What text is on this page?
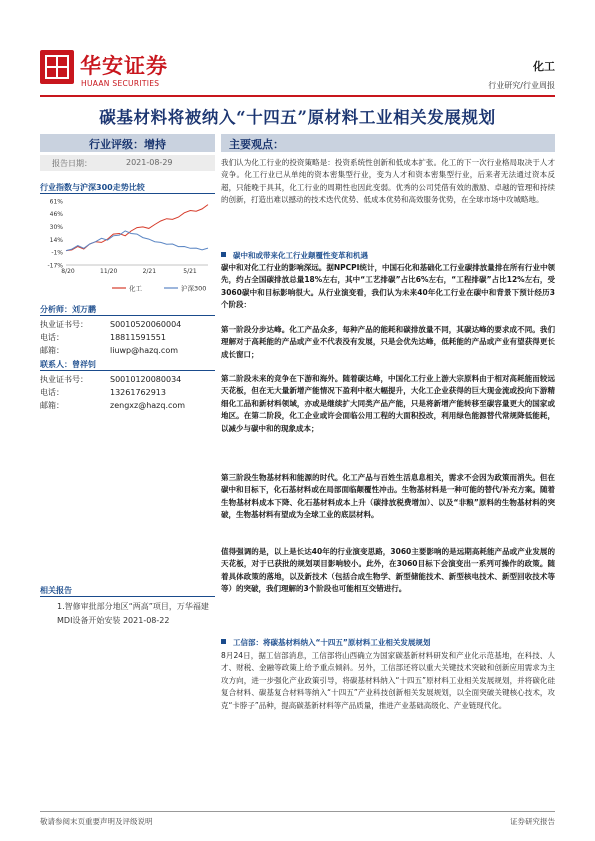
华安证券
HUAAN SECURITIES
化工
行业研究/行业周报
碳基材料将被纳入“十四五”原材料工业相关发展规划
行业评级：增持
报告日期：	2021-08-29
行业指数与沪深300走势比较
61%
46%
30%
14%
-1%
-17%
8/20	11/20	2/21	5/21
化工	沪深300
分析师：刘万鹏
执业证书号：	S0010520060004
电话：	18811591551
邮箱：	liuwp@hazq.com
联系人：曾祥钊
执业证书号：	S0010120080034
电话：	13261762913
邮箱：	zengxz@hazq.com
相关报告
1.智修审批部分地区“两高”项目，万华福建MDI设备开始安装 2021-08-22
主要观点：
我们认为化工行业的投资策略是：投资系统性创新和低成本扩张。化工的下一次行业格局取决于人才竞争。化工行业已从单纯的资本密集型行业，变为人才和资本密集型行业，后来者无法通过资本反超，只能晚于具其，化工行业的周期性也因此变弱。优秀的公司凭借有效的激励、卓越的管理和持续的创新，打造出难以撼动的技术迭代优势、低成本优势和高效服务优势，在全球市场中攻城略地。
碳中和或带来化工行业颠覆性变革和机遇
碳中和对化工行业的影响深远。据NPCPI统计，中国石化和基础化工行业碳排放量排在所有行业中领先，约占全国碳排放总量18%左右，其中“工艺排碳”占比6%左右，“工程排碳”占比12%左右，受3060碳中和目标影响很大。从行业演变看，我们认为未来40年化工行业在碳中和背景下预计经历3个阶段：
第一阶段分步达峰。化工产品众多，每种产品的能耗和碳排放量不同，其碳达峰的要求成不同。我们理解对于高耗能的产品或产业不代表没有发展，只是会优先达峰，低耗能的产品或产业有望获得更长成长窗口；
第二阶段未来的竞争在下游和海外。随着碳达峰，中国化工行业上游大宗原料由于相对高耗能而较远天花板，但在无大量新增产能情况下盈利中枢大幅提升，大化工企业获得的巨大现金流或投向下游精细化工品和新材料领域，亦或是继续扩大同类产品产能，只是将新增产能转移至碳容量更大的国家或地区。在第二阶段，化工企业或许会面临公用工程的大面积投改，利用绿色能源替代常规降低能耗，以减少与碳中和的现象成本；
第三阶段生物基材料和能源的时代。化工产品与百姓生活息息相关，需求不会因为政策而消失。但在碳中和目标下，化石基材料或在局部面临颠覆性冲击。生物基材料是一种可能的替代/补充方案。随着生物基材料成本下降、化石基材料成本上升（碳排放税费增加）、以及“非粮”原料的生物基材料的突破，生物基材料有望成为全球工业的底层材料。
值得强调的是，以上是长达40年的行业演变思路，3060主要影响的是远期高耗能产品或产业发展的天花板，对于已获批的规划项目影响较小。此外，在3060目标下会演变出一系列可操作的政策。随着具体政策的落地，以及新技术（包括合成生物学、新型储能技术、新型核电技术、新型回收技术等等）的突破，我们理解的3个阶段也可能相互交错进行。
工信部：将碳基材料纳入“十四五”原材料工业相关发展规划
8月24日，据工信部消息，工信部将山西确立为国家碳基新材料研发和产业化示范基地，在科技、人才、财税、金融等政策上给予重点倾斜。另外，工信部还将以重大关键技术突破和创新应用需求为主攻方向，进一步强化产业政策引导，将碳基材料纳入“十四五”原材料工业相关发展规划，并将碳化硅复合材料、碳基复合材料等纳入“十四五”产业科技创新相关发展规划，以全面突破关键核心技术，攻克“卡脖子”品种，提高碳基新材料等产品质量，推进产业基础高级化、产业链现代化。
敬请参阅末页重要声明及评级说明	证券研究报告
